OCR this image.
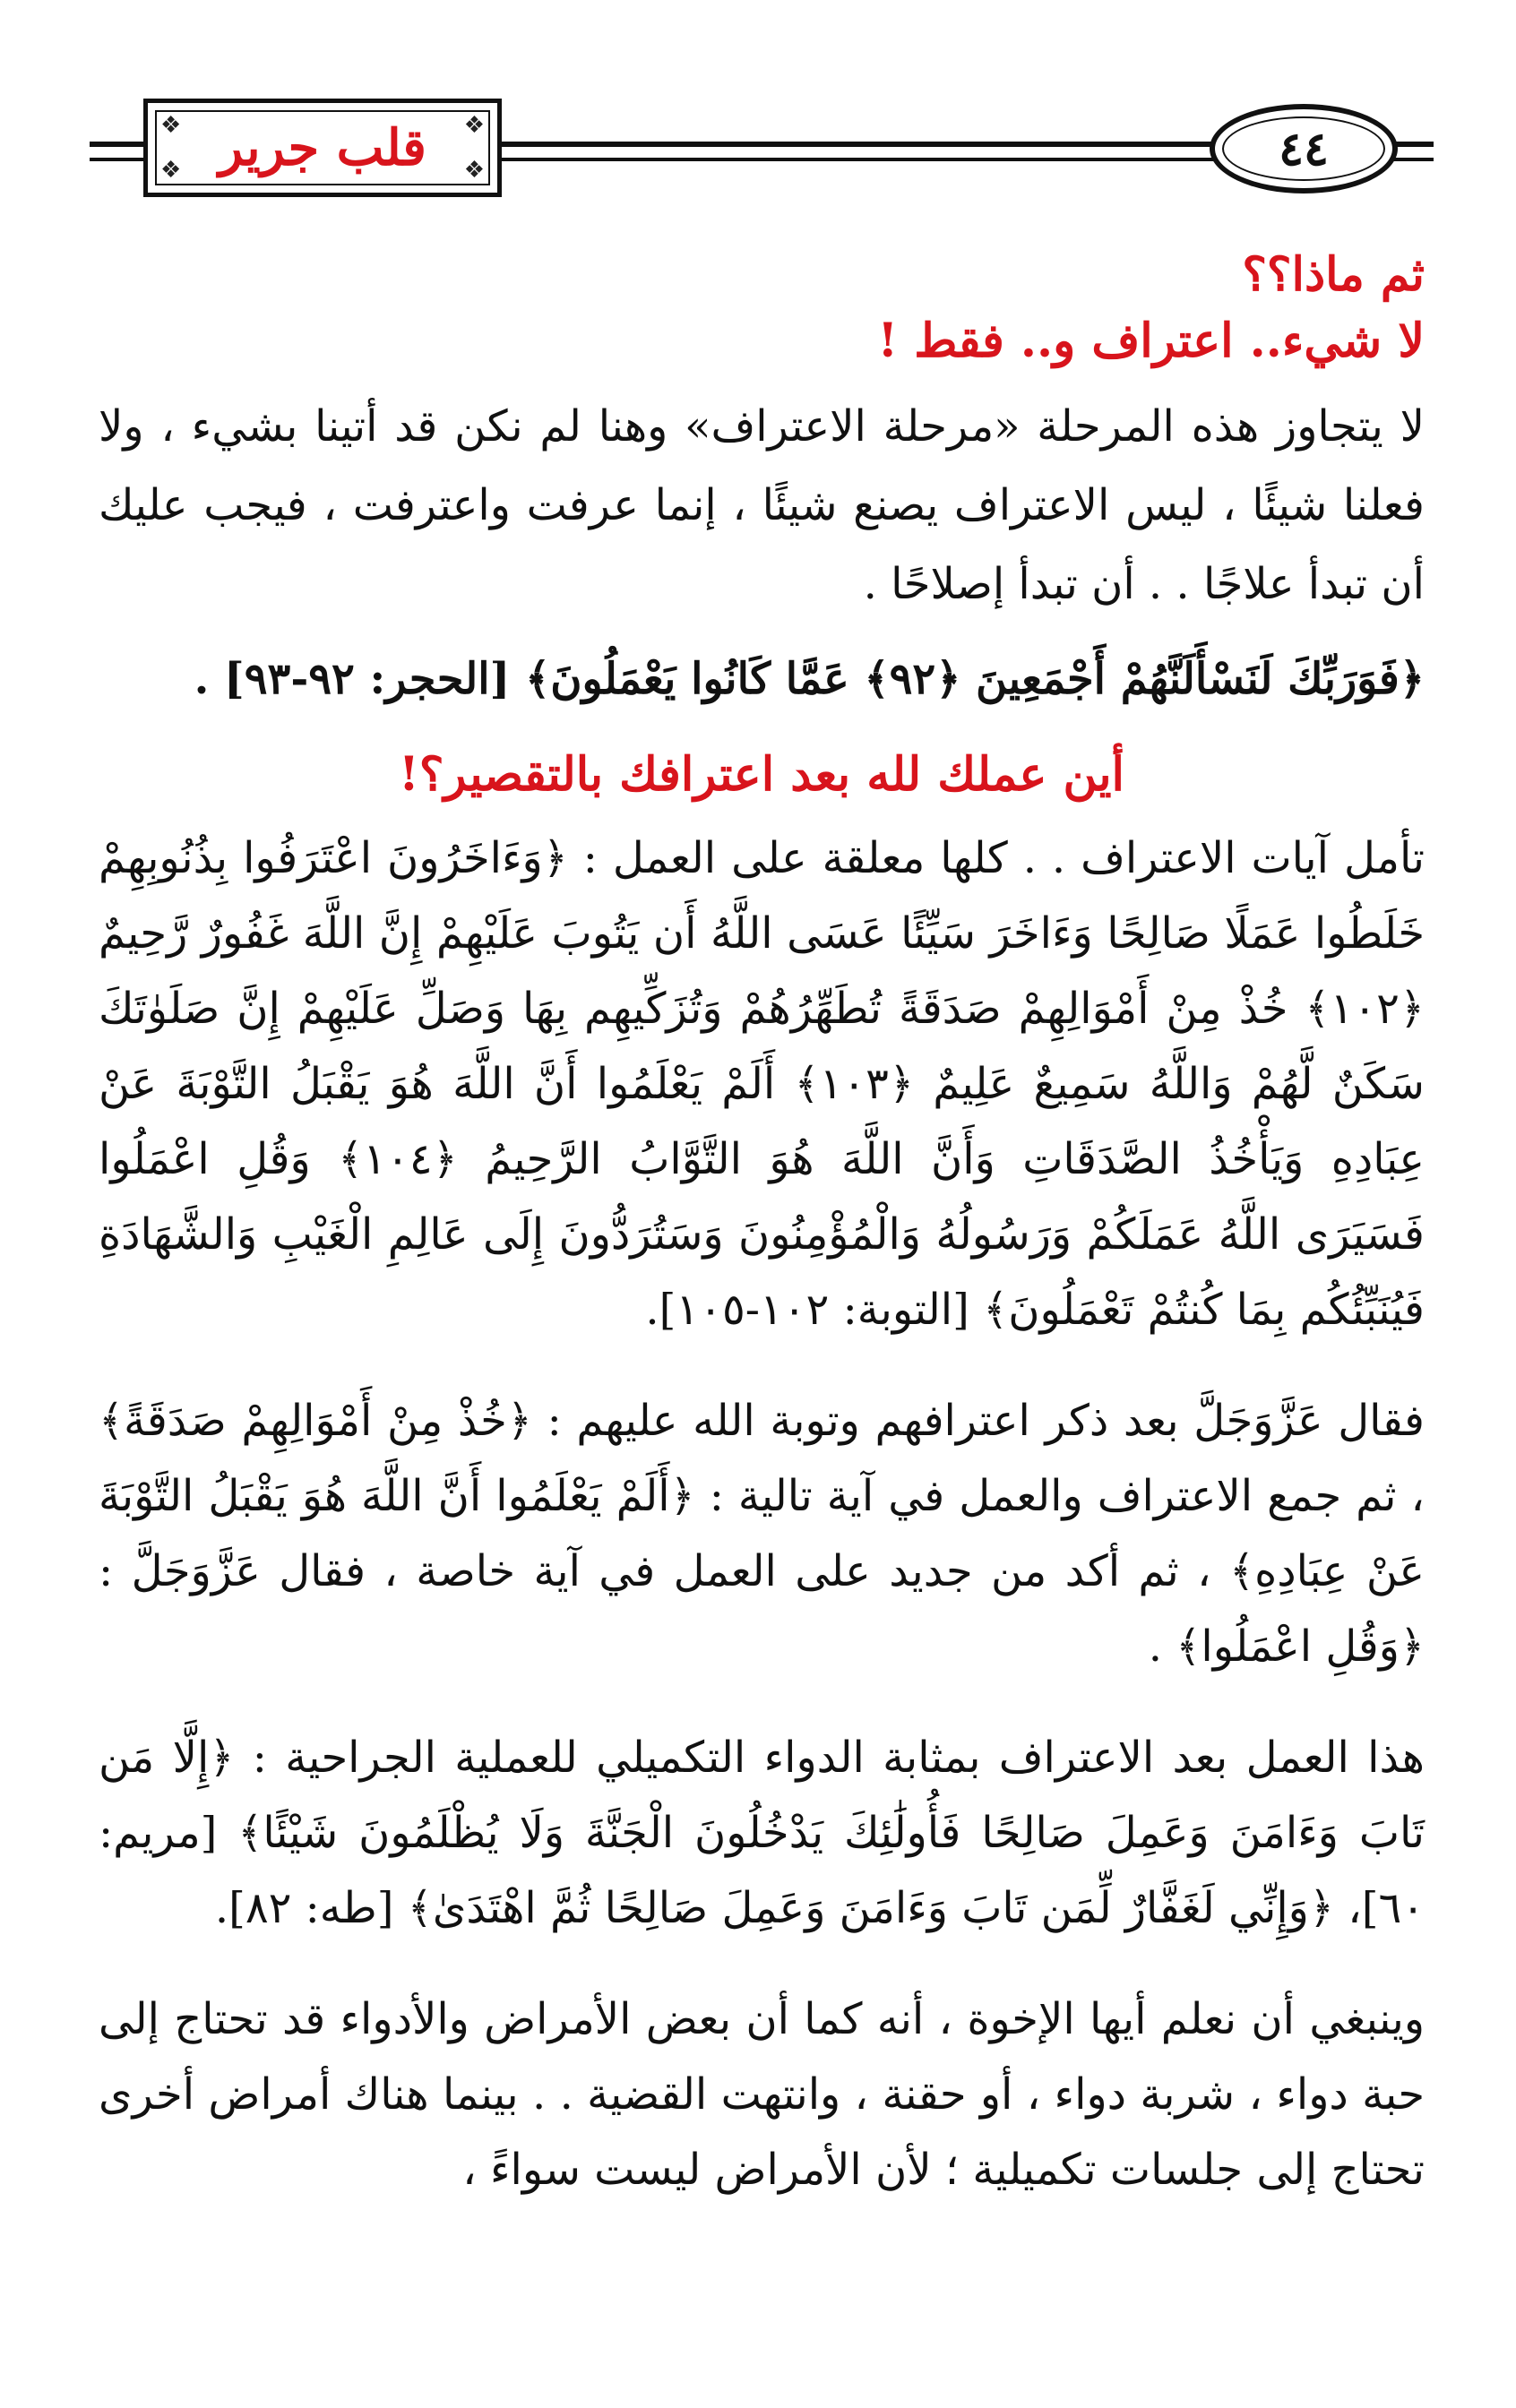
❖	❖
❖	❖
قلب جرير	٤٤
ثم ماذا؟؟
لا شيء.. اعتراف و.. فقط !

لا يتجاوز هذه المرحلة «مرحلة الاعتراف» وهنا لم نكن قد أتينا بشيء ، ولا فعلنا شيئًا ، ليس الاعتراف يصنع شيئًا ، إنما عرفت واعترفت ، فيجب عليك أن تبدأ علاجًا . . أن تبدأ إصلاحًا .

﴿فَوَرَبِّكَ لَنَسْأَلَنَّهُمْ أَجْمَعِينَ ﴿٩٢﴾ عَمَّا كَانُوا يَعْمَلُونَ﴾ [الحجر: ٩٢-٩٣] .

أين عملك لله بعد اعترافك بالتقصير؟!

تأمل آيات الاعتراف . . كلها معلقة على العمل : ﴿وَءَاخَرُونَ اعْتَرَفُوا بِذُنُوبِهِمْ خَلَطُوا عَمَلًا صَالِحًا وَءَاخَرَ سَيِّئًا عَسَى اللَّهُ أَن يَتُوبَ عَلَيْهِمْ إِنَّ اللَّهَ غَفُورٌ رَّحِيمٌ ﴿١٠٢﴾ خُذْ مِنْ أَمْوَالِهِمْ صَدَقَةً تُطَهِّرُهُمْ وَتُزَكِّيهِم بِهَا وَصَلِّ عَلَيْهِمْ إِنَّ صَلَوٰتَكَ سَكَنٌ لَّهُمْ وَاللَّهُ سَمِيعٌ عَلِيمٌ ﴿١٠٣﴾ أَلَمْ يَعْلَمُوا أَنَّ اللَّهَ هُوَ يَقْبَلُ التَّوْبَةَ عَنْ عِبَادِهِ وَيَأْخُذُ الصَّدَقَاتِ وَأَنَّ اللَّهَ هُوَ التَّوَّابُ الرَّحِيمُ ﴿١٠٤﴾ وَقُلِ اعْمَلُوا فَسَيَرَى اللَّهُ عَمَلَكُمْ وَرَسُولُهُ وَالْمُؤْمِنُونَ وَسَتُرَدُّونَ إِلَى عَالِمِ الْغَيْبِ وَالشَّهَادَةِ فَيُنَبِّئُكُم بِمَا كُنتُمْ تَعْمَلُونَ﴾ [التوبة: ١٠٢-١٠٥].

فقال عَزَّوَجَلَّ بعد ذكر اعترافهم وتوبة الله عليهم : ﴿خُذْ مِنْ أَمْوَالِهِمْ صَدَقَةً﴾ ، ثم جمع الاعتراف والعمل في آية تالية : ﴿أَلَمْ يَعْلَمُوا أَنَّ اللَّهَ هُوَ يَقْبَلُ التَّوْبَةَ عَنْ عِبَادِهِ﴾ ، ثم أكد من جديد على العمل في آية خاصة ، فقال عَزَّوَجَلَّ : ﴿وَقُلِ اعْمَلُوا﴾ .

هذا العمل بعد الاعتراف بمثابة الدواء التكميلي للعملية الجراحية : ﴿إِلَّا مَن تَابَ وَءَامَنَ وَعَمِلَ صَالِحًا فَأُولَٰئِكَ يَدْخُلُونَ الْجَنَّةَ وَلَا يُظْلَمُونَ شَيْئًا﴾ [مريم: ٦٠]، ﴿وَإِنِّي لَغَفَّارٌ لِّمَن تَابَ وَءَامَنَ وَعَمِلَ صَالِحًا ثُمَّ اهْتَدَىٰ﴾ [طه: ٨٢].

وينبغي أن نعلم أيها الإخوة ، أنه كما أن بعض الأمراض والأدواء قد تحتاج إلى حبة دواء ، شربة دواء ، أو حقنة ، وانتهت القضية . . بينما هناك أمراض أخرى تحتاج إلى جلسات تكميلية ؛ لأن الأمراض ليست سواءً ،
